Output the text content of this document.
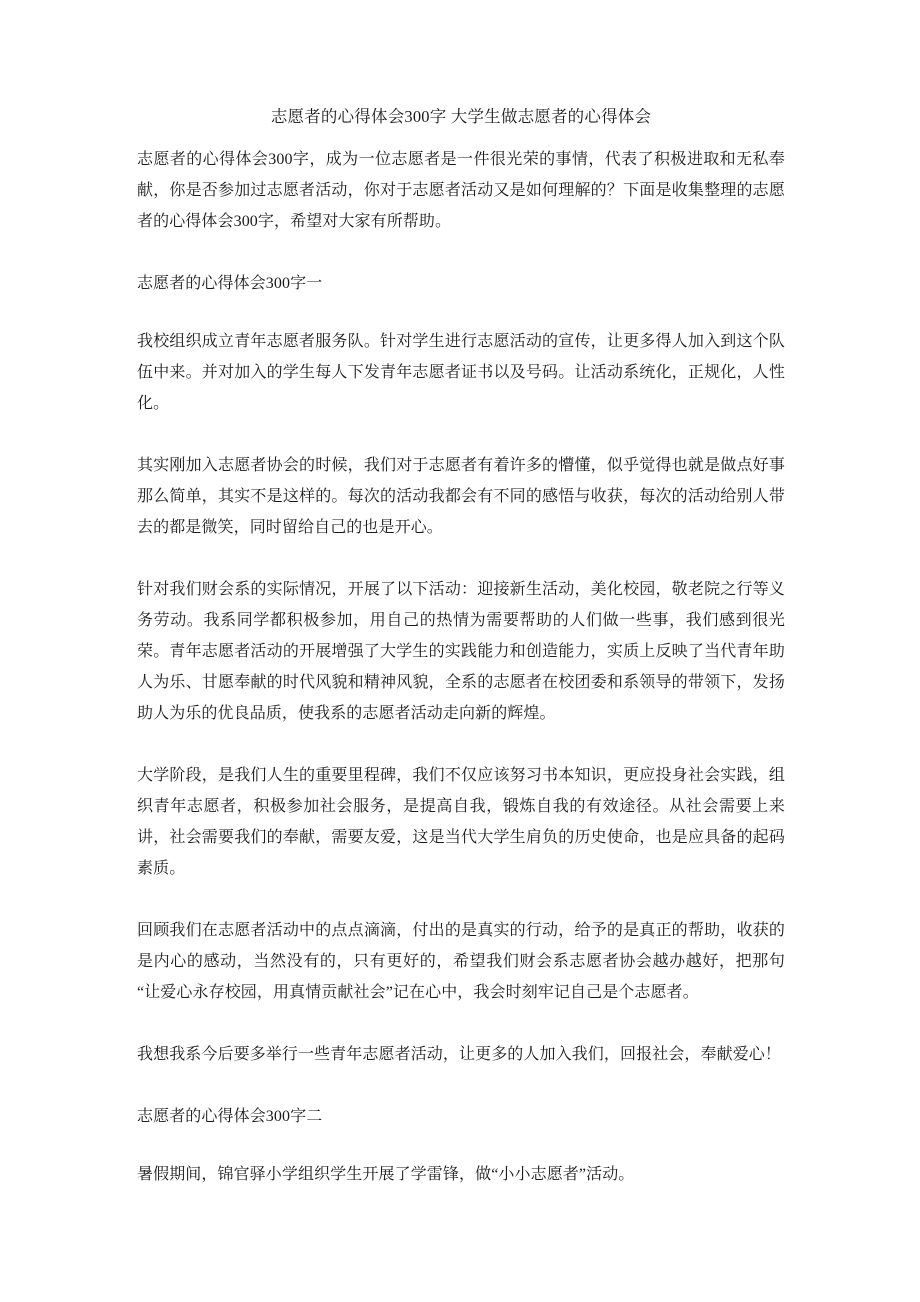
志愿者的心得体会300字 大学生做志愿者的心得体会

志愿者的心得体会300字，成为一位志愿者是一件很光荣的事情，代表了积极进取和无私奉献，你是否参加过志愿者活动，你对于志愿者活动又是如何理解的？下面是收集整理的志愿者的心得体会300字，希望对大家有所帮助。

志愿者的心得体会300字一

我校组织成立青年志愿者服务队。针对学生进行志愿活动的宣传，让更多得人加入到这个队伍中来。并对加入的学生每人下发青年志愿者证书以及号码。让活动系统化，正规化，人性化。

其实刚加入志愿者协会的时候，我们对于志愿者有着许多的懵懂，似乎觉得也就是做点好事那么简单，其实不是这样的。每次的活动我都会有不同的感悟与收获，每次的活动给别人带去的都是微笑，同时留给自己的也是开心。

针对我们财会系的实际情况，开展了以下活动：迎接新生活动，美化校园，敬老院之行等义务劳动。我系同学都积极参加，用自己的热情为需要帮助的人们做一些事，我们感到很光荣。青年志愿者活动的开展增强了大学生的实践能力和创造能力，实质上反映了当代青年助人为乐、甘愿奉献的时代风貌和精神风貌，全系的志愿者在校团委和系领导的带领下，发扬助人为乐的优良品质，使我系的志愿者活动走向新的辉煌。

大学阶段，是我们人生的重要里程碑，我们不仅应该努习书本知识，更应投身社会实践，组织青年志愿者，积极参加社会服务，是提高自我，锻炼自我的有效途径。从社会需要上来讲，社会需要我们的奉献，需要友爱，这是当代大学生肩负的历史使命，也是应具备的起码素质。

回顾我们在志愿者活动中的点点滴滴，付出的是真实的行动，给予的是真正的帮助，收获的是内心的感动，当然没有的，只有更好的，希望我们财会系志愿者协会越办越好，把那句“让爱心永存校园，用真情贡献社会”记在心中，我会时刻牢记自己是个志愿者。

我想我系今后要多举行一些青年志愿者活动，让更多的人加入我们，回报社会，奉献爱心！

志愿者的心得体会300字二

暑假期间，锦官驿小学组织学生开展了学雷锋，做“小小志愿者”活动。
